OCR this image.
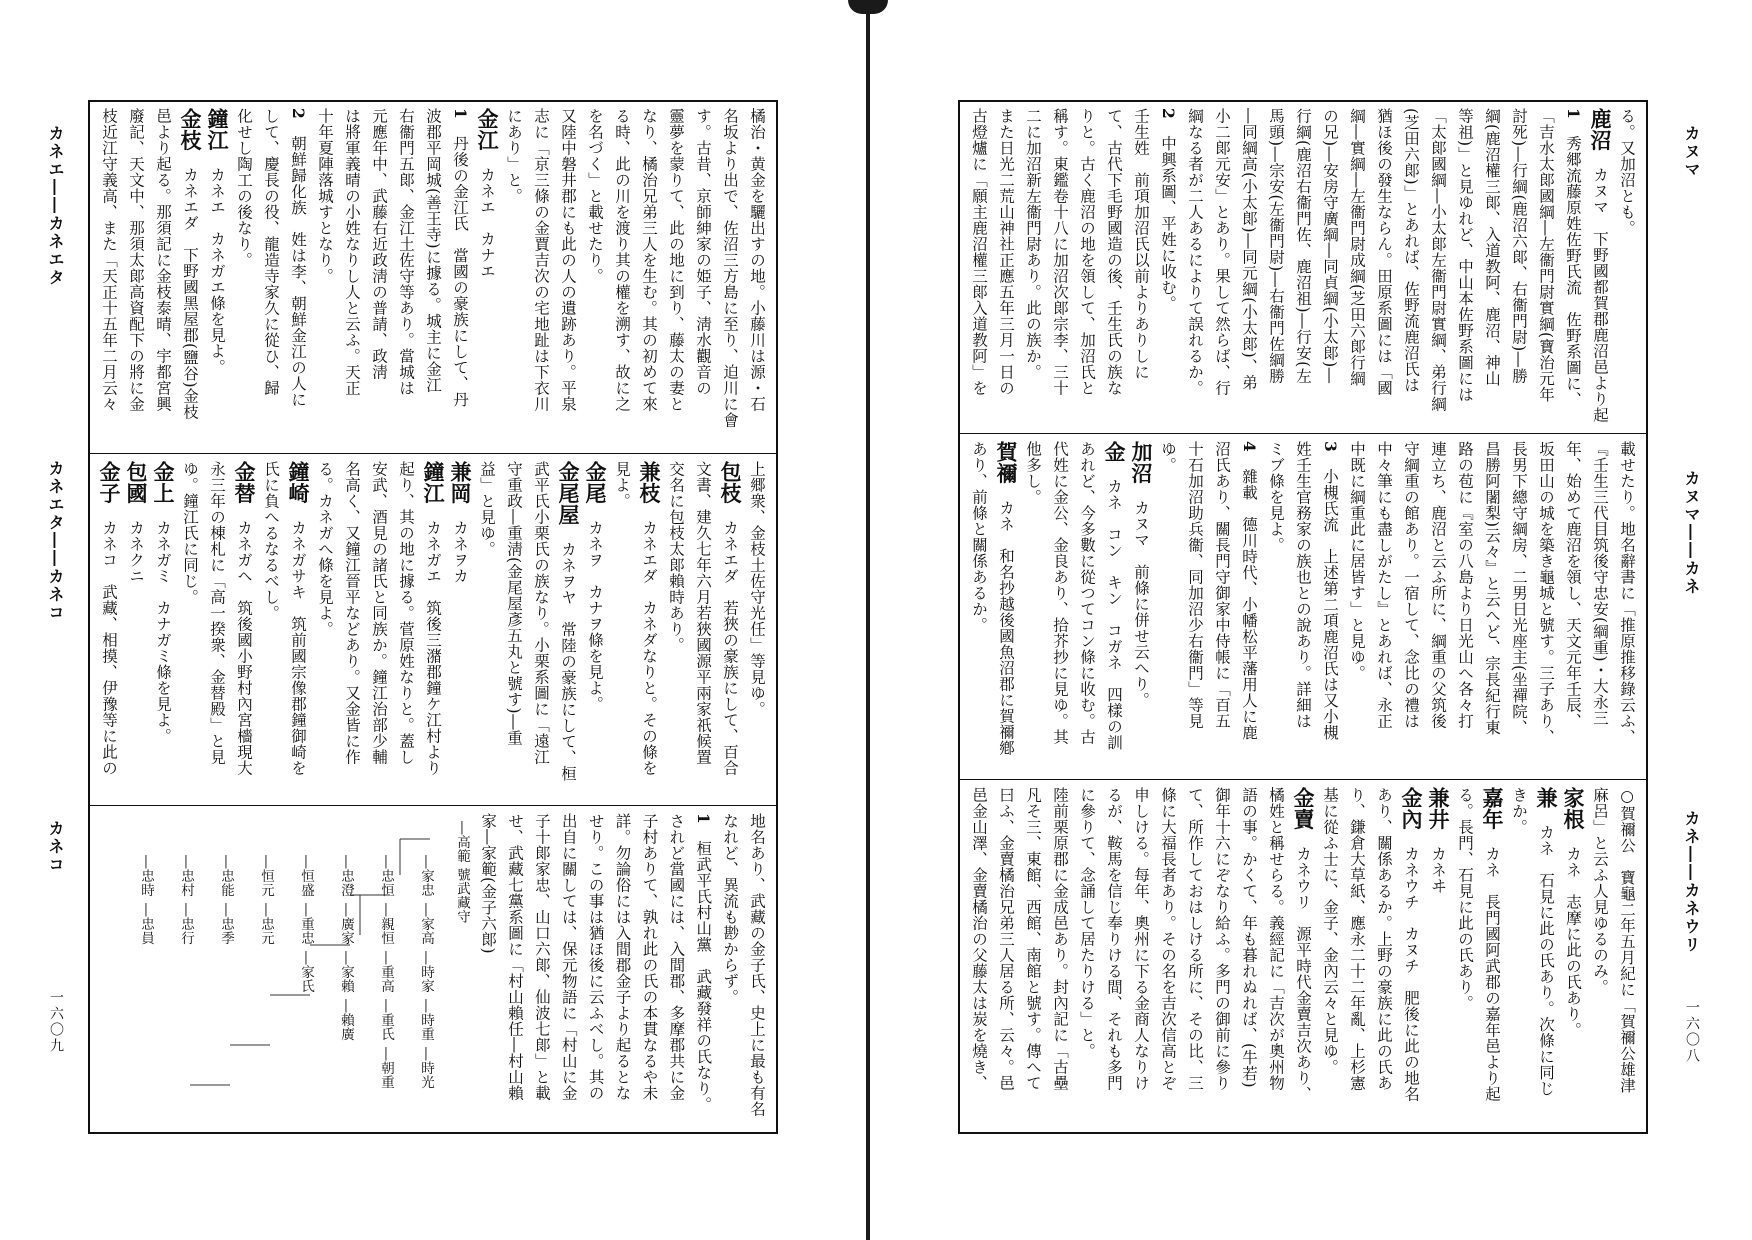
カネエ――カネエタ
カネエタ――カネコ
カネコ
一六〇九
橘治・黄金を驪出すの地。小藤川は源・石
名坂より出で、佐沼三方島に至り、迫川に會
す。古昔、京師紳家の姫子、淸水觀音の
靈夢を蒙りて、此の地に到り、藤太の妻と
なり、橘治兄弟三人を生む。其の初めて來
る時、此の川を渡り其の權を溯す、故に之
を名づく」と載せたり。
又陸中磐井郡にも此の人の遺跡あり。平泉
志に「京三條の金賈吉次の宅地趾は下衣川
にあり」と。
金江　カネエ　カナエ
1　丹後の金江氏　當國の豪族にして、丹
波郡平岡城(善王寺)に據る。城主に金江
右衞門五郞、金江土佐守等あり。當城は
元應年中、武藤右近政淸の普請、政淸
は將軍義晴の小姓なりし人と云ふ。天正
十年夏陣落城すとなり。
2　朝鮮歸化族　姓は李、朝鮮金江の人に
して、慶長の役、龍造寺家久に從ひ、歸
化せし陶工の後なり。
鐘江　カネエ　カネガエ條を見よ。
金枝　カネエダ　下野國黑屋郡(鹽谷)金枝
邑より起る。那須記に金枝泰晴、宇都宮興
廢記、天文中、那須太郞高資配下の將に金
枝近江守義高、また「天正十五年二月云々
上郷衆、金枝土佐守光任」等見ゆ。
包枝　カネエダ　若狹の豪族にして、百合
文書、建久七年六月若狹國源平兩家祇候置
交名に包枝太郞賴時あり。
兼枝　カネエダ　カネダなりと。その條を
見よ。
金尾　カネヲ　カナヲ條を見よ。
金尾屋　カネヲヤ　常陸の豪族にして、桓
武平氏小栗氏の族なり。小栗系圖に「遠江
守重政―重淸(金尾屋彥五丸と號す)―重
益」と見ゆ。
兼岡　カネヲカ
鐘江　カネガエ　筑後三潴郡鐘ケ江村より
起り、其の地に據る。菅原姓なりと。蓋し
安武、酒見の諸氏と同族か。鐘江治部少輔
名高く、又鐘江晉平などあり。又金皆に作
る。カネガへ條を見よ。
鐘崎　カネガサキ　筑前國宗像郡鐘御崎を
氏に負へるなるべし。
金替　カネガヘ　筑後國小野村內宮檣現大
永三年の棟札に「高一揆衆、金替殿」と見
ゆ。鐘江氏に同じ。
金上　カネガミ　カナガミ條を見よ。
包國　カネクニ
金子　カネコ　武藏、相摸、伊豫等に此の
地名あり、武藏の金子氏、史上に最も有名
なれど、異流も尠からず。
1　桓武平氏村山黨　武藏發祥の氏なり。
されど當國には、入間郡、多摩郡共に金
子村ありて、孰れ此の氏の本貫なるや未
詳。勿論俗には入間郡金子より起るとな
せり。この事は猶ほ後に云ふべし。其の
出自に關しては、保元物語に「村山に金
子十郞家忠、山口六郞、仙波七郞」と載
せ、武藏七黨系圖に「村山賴任―村山賴
家―家範(金子六郞)
―高範 號武藏守
―家忠
―家高
―時家
―時重
―時光
―忠恒
―親恒
―重高
―重氏
―朝重
―忠澄
―廣家
―家賴
―賴廣
―恒盛
―重忠
―家氏
―恒元
―忠元
―忠能
―忠季
―忠村
―忠行
―忠時
―忠員
る。又加沼とも。
鹿沼　カヌマ　下野國都賀郡鹿沼邑より起
1　秀郷流藤原姓佐野氏流　佐野系圖に、
「吉水太郞國綱―左衞門尉實綱(寶治元年
討死)―行綱(鹿沼六郞、右衞門尉)―勝
綱(鹿沼權三郞、入道教阿、鹿沼、神山
等祖)」と見ゆれど、中山本佐野系圖には
「太郞國綱―小太郞左衞門尉實綱、弟行綱
(芝田六郞)」とあれば、佐野流鹿沼氏は
猶ほ後の發生ならん。田原系圖には「國
綱―實綱―左衞門尉成綱(芝田六郞行綱
の兄)―安房守廣綱―同貞綱(小太郞)―
行綱(鹿沼右衞門佐、鹿沼祖)―行安(左
馬頭)―宗安(左衞門尉)―右衞門佐綱勝
―同綱高(小太郞)―同元綱(小太郞)、弟
小二郞元安」とあり。果して然らば、行
綱なる者が二人あるによりて誤れるか。
2　中興系圖、平姓に收む。
壬生姓　前項加沼氏以前よりありしに
て、古代下毛野國造の後、壬生氏の族な
りと。古く鹿沼の地を領して、加沼氏と
稱す。東鑑卷十八に加沼次郞宗李、三十
二に加沼新左衞門尉あり。此の族か。
また日光二荒山神社正應五年三月一日の
古燈爐に「願主鹿沼權三郞入道教阿」を
載せたり。地名辭書に「推原推移錄云ふ、
『壬生三代目筑後守忠安(綱重)・大永三
年、始めて鹿沼を領し、天文元年壬辰、
坂田山の城を築き龜城と號す。三子あり、
長男下總守綱房、二男日光座主(坐禪院、
昌勝阿闍梨)云々』と云へど、宗長紀行東
路の苞に『室の八島より日光山へ各々打
連立ち、鹿沼と云ふ所に、綱重の父筑後
守綱重の館あり。一宿して、念比の禮は
中々筆にも盡しがたし』とあれば、永正
中既に綱重此に居皆す」と見ゆ。
3　小槻氏流　上述第二項鹿沼氏は又小槻
姓壬生官務家の族也との說あり。詳細は
ミブ條を見よ。
4　雜載　德川時代、小幡松平藩用人に鹿
沼氏あり、關長門守御家中侍帳に「百五
十石加沼助兵衞、同加沼少右衞門」等見
ゆ。
加沼　カヌマ　前條に併せ云へり。
金　カネ　コン　キン　コガネ　四樣の訓
あれど、今多數に從つてコン條に收む。古
代姓に金公、金良あり、拾芥抄に見ゆ。其
他多し。
賀禰　カネ　和名抄越後國魚沼郡に賀禰鄕
あり、前條と關係あるか。
○賀禰公　寶龜二年五月紀に「賀禰公雄津
麻呂」と云ふ人見ゆるのみ。
家根　カネ　志摩に此の氏あり。
兼　カネ　石見に此の氏あり。次條に同じ
きか。
嘉年　カネ　長門國阿武郡の嘉年邑より起
る。長門、石見に此の氏あり。
兼井　カネヰ
金內　カネウチ　カヌチ　肥後に此の地名
あり、關係あるか。上野の豪族に此の氏あ
り、鎌倉大草紙、應永二十二年亂、上杉憲
基に從ふ士に、金子、金內云々と見ゆ。
金賣　カネウリ　源平時代金賣吉次あり、
橘姓と稱せらる。義經記に「吉次が奧州物
語の事。かくて、年も暮れぬれば、(牛若)
御年十六にぞなり給ふ。多門の御前に參り
て、所作しておはしける所に、その比、三
條に大福長者あり。その名を吉次信高とぞ
申しける。每年、奧州に下る金商人なりけ
るが、鞍馬を信じ奉りける間、それも多門
に參りて、念誦して居たりける」と。
陸前栗原郡に金成邑あり。封內記に「古壘
凡そ三、東館、西館、南館と號す。傳へて
曰ふ、金賣橘治兄弟三人居る所、云々。邑
邑金山澤、金賣橘治の父藤太は炭を燒き、
カヌマ
カヌマ――カネ
カネ――カネウリ
一六〇八
